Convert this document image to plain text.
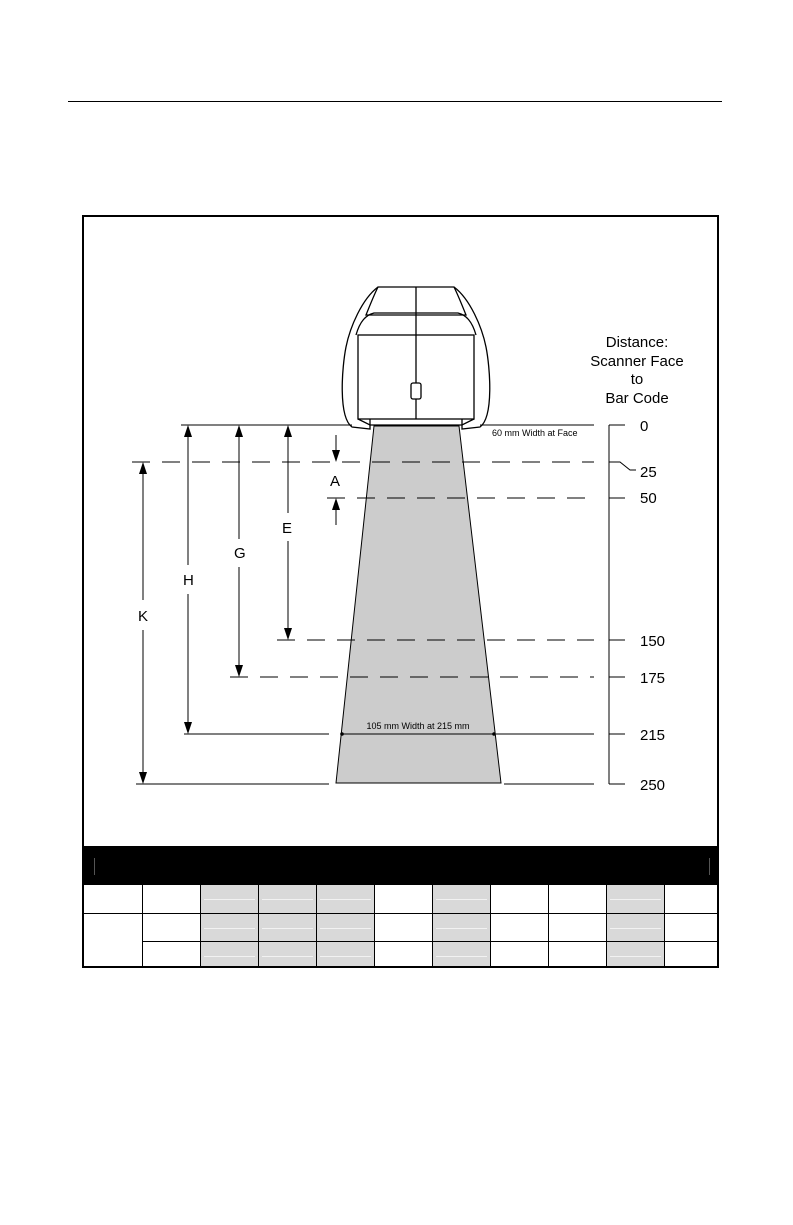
60 mm Width at Face
105 mm Width at 215 mm
K
H
G
E
A
0
25
50
150
175
215
250
Distance:
Scanner Face
to
Bar Code
